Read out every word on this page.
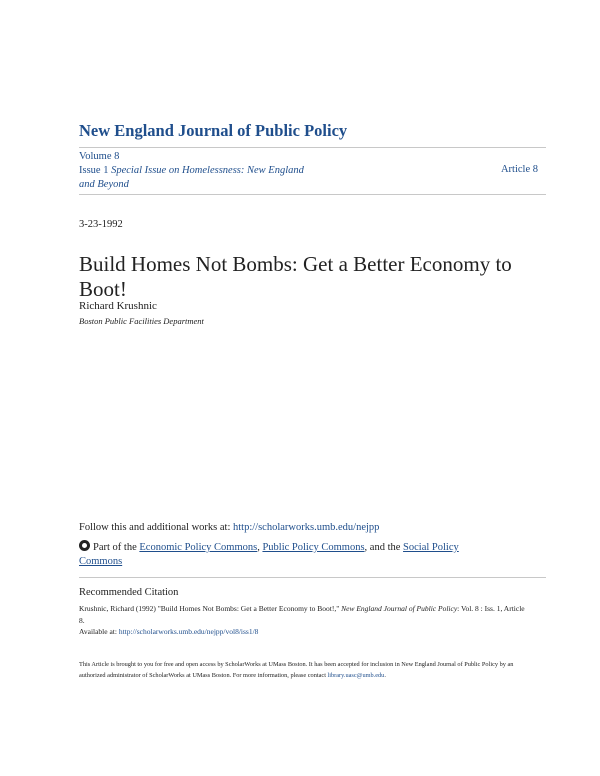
New England Journal of Public Policy
Volume 8
Issue 1 Special Issue on Homelessness: New England and Beyond
Article 8
3-23-1992
Build Homes Not Bombs: Get a Better Economy to Boot!
Richard Krushnic
Boston Public Facilities Department
Follow this and additional works at: http://scholarworks.umb.edu/nejpp
Part of the Economic Policy Commons, Public Policy Commons, and the Social Policy Commons
Recommended Citation
Krushnic, Richard (1992) "Build Homes Not Bombs: Get a Better Economy to Boot!," New England Journal of Public Policy: Vol. 8 : Iss. 1, Article 8.
Available at: http://scholarworks.umb.edu/nejpp/vol8/iss1/8
This Article is brought to you for free and open access by ScholarWorks at UMass Boston. It has been accepted for inclusion in New England Journal of Public Policy by an authorized administrator of ScholarWorks at UMass Boston. For more information, please contact library.uasc@umb.edu.
